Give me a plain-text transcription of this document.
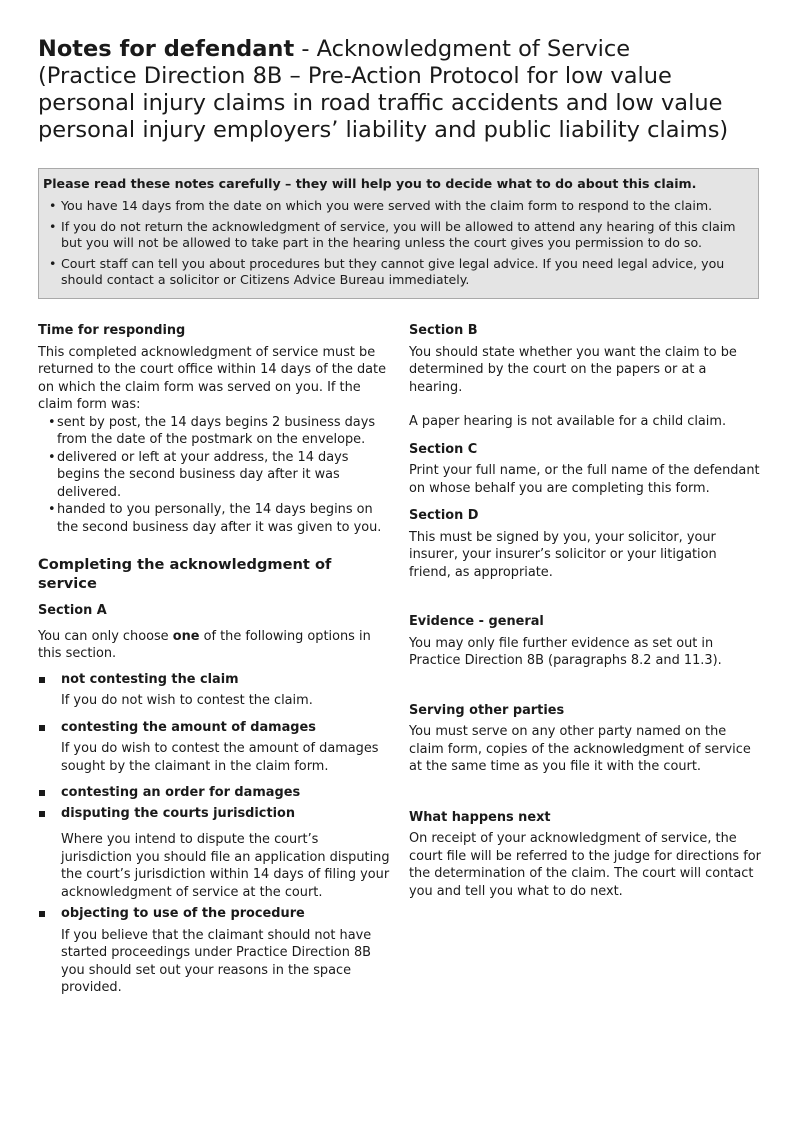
Notes for defendant - Acknowledgment of Service
(Practice Direction 8B – Pre-Action Protocol for low value personal injury claims in road traffic accidents and low value personal injury employers’ liability and public liability claims)

Please read these notes carefully – they will help you to decide what to do about this claim.

• You have 14 days from the date on which you were served with the claim form to respond to the claim.
• If you do not return the acknowledgment of service, you will be allowed to attend any hearing of this claim but you will not be allowed to take part in the hearing unless the court gives you permission to do so.
• Court staff can tell you about procedures but they cannot give legal advice. If you need legal advice, you should contact a solicitor or Citizens Advice Bureau immediately.
Time for responding

This completed acknowledgment of service must be returned to the court office within 14 days of the date on which the claim form was served on you. If the claim form was:

• sent by post, the 14 days begins 2 business days from the date of the postmark on the envelope.
• delivered or left at your address, the 14 days begins the second business day after it was delivered.
• handed to you personally, the 14 days begins on the second business day after it was given to you.
Completing the acknowledgment of service
Section A

You can only choose one of the following options in this section.

not contesting the claim
If you do not wish to contest the claim.
contesting the amount of damages
If you do wish to contest the amount of damages sought by the claimant in the claim form.
contesting an order for damages
disputing the courts jurisdiction
Where you intend to dispute the court’s jurisdiction you should file an application disputing the court’s jurisdiction within 14 days of filing your acknowledgment of service at the court.
objecting to use of the procedure
If you believe that the claimant should not have started proceedings under Practice Direction 8B you should set out your reasons in the space provided.
Section B

You should state whether you want the claim to be determined by the court on the papers or at a hearing.

A paper hearing is not available for a child claim.

Section C

Print your full name, or the full name of the defendant on whose behalf you are completing this form.

Section D

This must be signed by you, your solicitor, your insurer, your insurer’s solicitor or your litigation friend, as appropriate.

Evidence - general

You may only file further evidence as set out in Practice Direction 8B (paragraphs 8.2 and 11.3).

Serving other parties

You must serve on any other party named on the claim form, copies of the acknowledgment of service at the same time as you file it with the court.

What happens next

On receipt of your acknowledgment of service, the court file will be referred to the judge for directions for the determination of the claim. The court will contact you and tell you what to do next.
